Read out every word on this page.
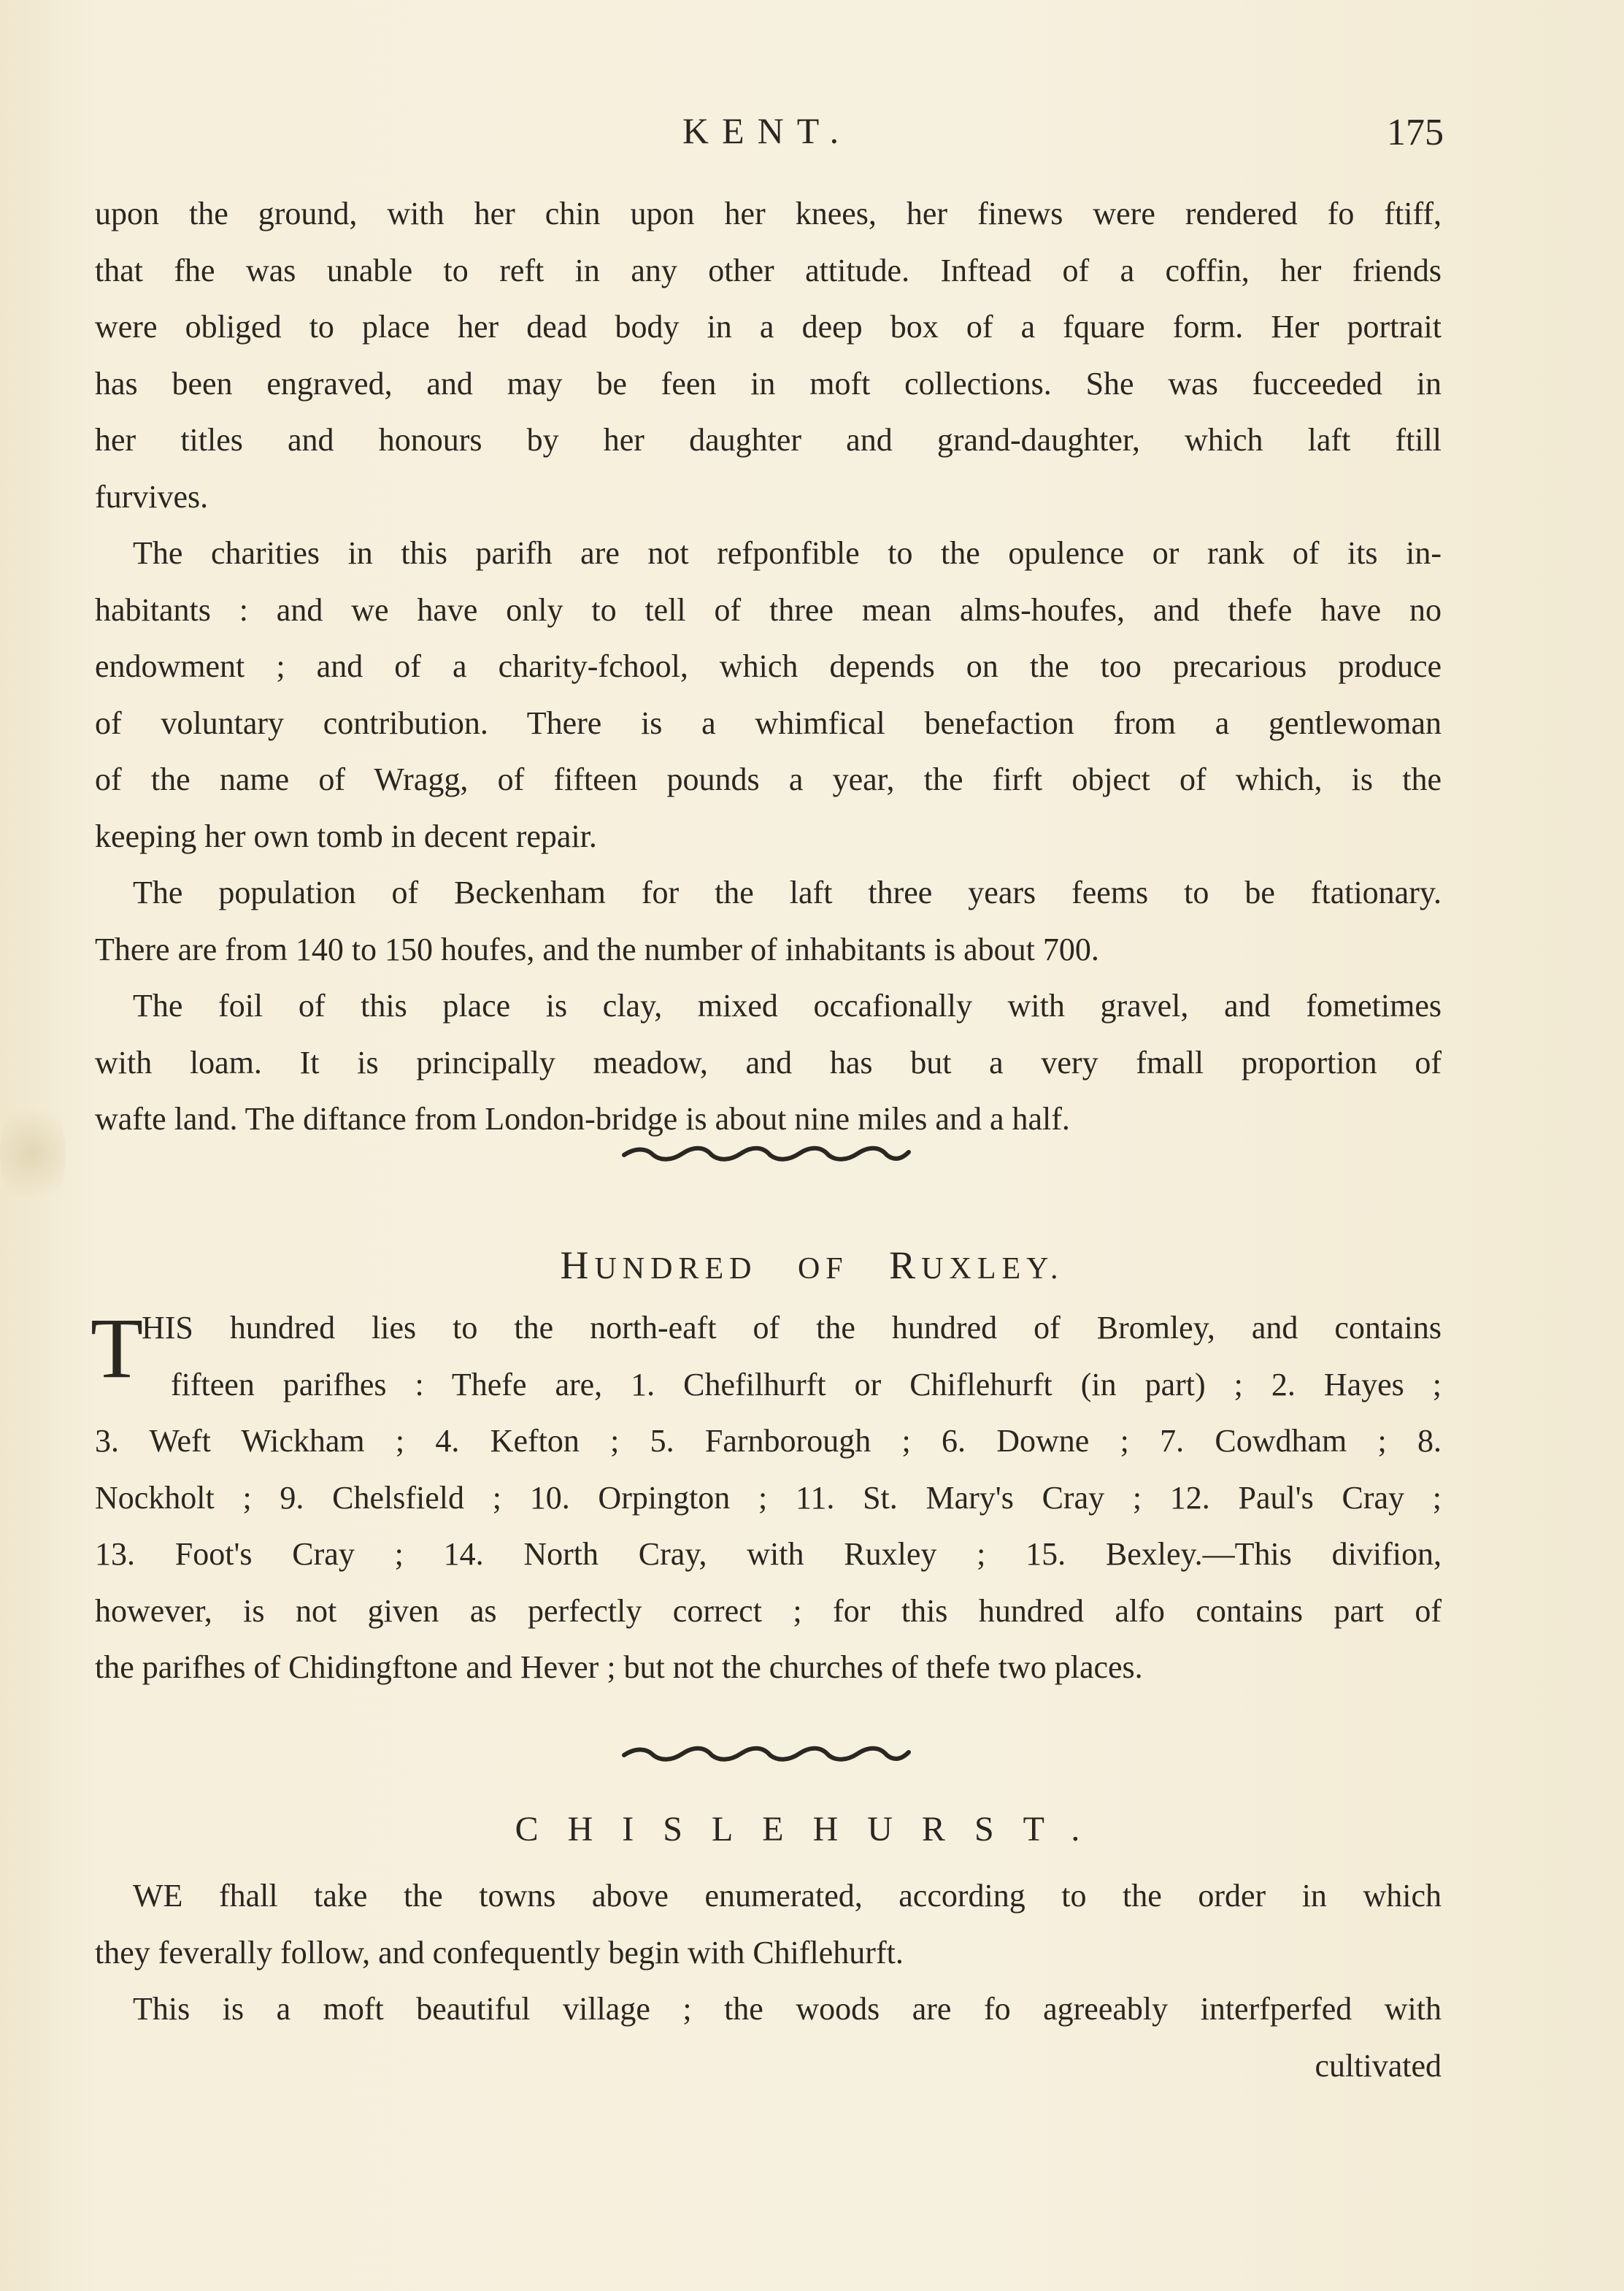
KENT.	175
upon the ground, with her chin upon her knees, her finews were rendered fo ftiff,
that fhe was unable to reft in any other attitude. Inftead of a coffin, her friends
were obliged to place her dead body in a deep box of a fquare form. Her portrait
has been engraved, and may be feen in moft collections. She was fucceeded in
her titles and honours by her daughter and grand-daughter, which laft ftill
furvives.
The charities in this parifh are not refponfible to the opulence or rank of its in-
habitants : and we have only to tell of three mean alms-houfes, and thefe have no
endowment ; and of a charity-fchool, which depends on the too precarious produce
of voluntary contribution. There is a whimfical benefaction from a gentlewoman
of the name of Wragg, of fifteen pounds a year, the firft object of which, is the
keeping her own tomb in decent repair.
The population of Beckenham for the laft three years feems to be ftationary.
There are from 140 to 150 houfes, and the number of inhabitants is about 700.
The foil of this place is clay, mixed occafionally with gravel, and fometimes
with loam. It is principally meadow, and has but a very fmall proportion of
wafte land. The diftance from London-bridge is about nine miles and a half.
HUNDRED OF RUXLEY.
T
HIS hundred lies to the north-eaft of the hundred of Bromley, and contains
fifteen parifhes : Thefe are, 1. Chefilhurft or Chiflehurft (in part) ; 2. Hayes ;
3. Weft Wickham ; 4. Kefton ; 5. Farnborough ; 6. Downe ; 7. Cowdham ; 8.
Nockholt ; 9. Chelsfield ; 10. Orpington ; 11. St. Mary's Cray ; 12. Paul's Cray ;
13. Foot's Cray ; 14. North Cray, with Ruxley ; 15. Bexley.—This divifion,
however, is not given as perfectly correct ; for this hundred alfo contains part of
the parifhes of Chidingftone and Hever ; but not the churches of thefe two places.
CHISLEHURST.
WE fhall take the towns above enumerated, according to the order in which
they feverally follow, and confequently begin with Chiflehurft.
This is a moft beautiful village ; the woods are fo agreeably interfperfed with
cultivated
